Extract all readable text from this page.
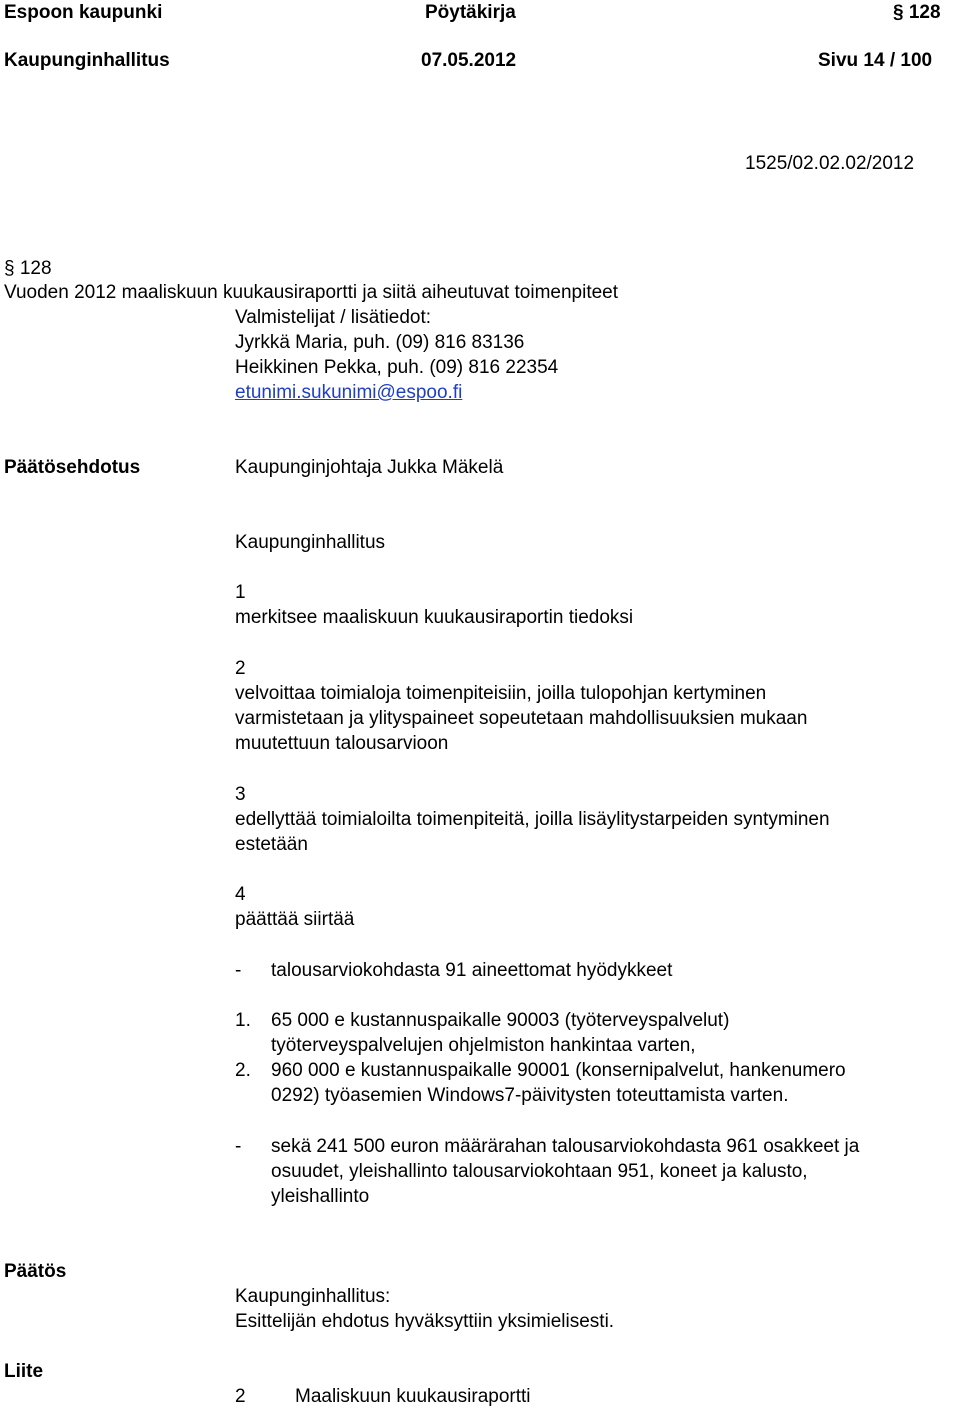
Espoon kaupunki	Pöytäkirja	§ 128
Kaupunginhallitus	07.05.2012	Sivu 14 / 100
1525/02.02.02/2012
§ 128
Vuoden 2012 maaliskuun kuukausiraportti ja siitä aiheutuvat toimenpiteet
Valmistelijat / lisätiedot:
Jyrkkä Maria, puh. (09) 816 83136
Heikkinen Pekka, puh. (09) 816 22354
etunimi.sukunimi@espoo.fi
Päätösehdotus	Kaupunginjohtaja Jukka Mäkelä
Kaupunginhallitus
1
merkitsee maaliskuun kuukausiraportin tiedoksi
2
velvoittaa toimialoja toimenpiteisiin, joilla tulopohjan kertyminen
varmistetaan ja ylityspaineet sopeutetaan mahdollisuuksien mukaan
muutettuun talousarvioon
3
edellyttää toimialoilta toimenpiteitä, joilla lisäylitystarpeiden syntyminen
estetään
4
päättää siirtää
- talousarviokohdasta 91 aineettomat hyödykkeet
1. 65 000 e kustannuspaikalle 90003 (työterveyspalvelut)
työterveyspalvelujen ohjelmiston hankintaa varten,
2. 960 000 e kustannuspaikalle 90001 (konsernipalvelut, hankenumero
0292) työasemien Windows7-päivitysten toteuttamista varten.
- sekä 241 500 euron määrärahan talousarviokohdasta 961 osakkeet ja
osuudet, yleishallinto talousarviokohtaan 951, koneet ja kalusto,
yleishallinto
Päätös
Kaupunginhallitus:
Esittelijän ehdotus hyväksyttiin yksimielisesti.
Liite
2	Maaliskuun kuukausiraportti
